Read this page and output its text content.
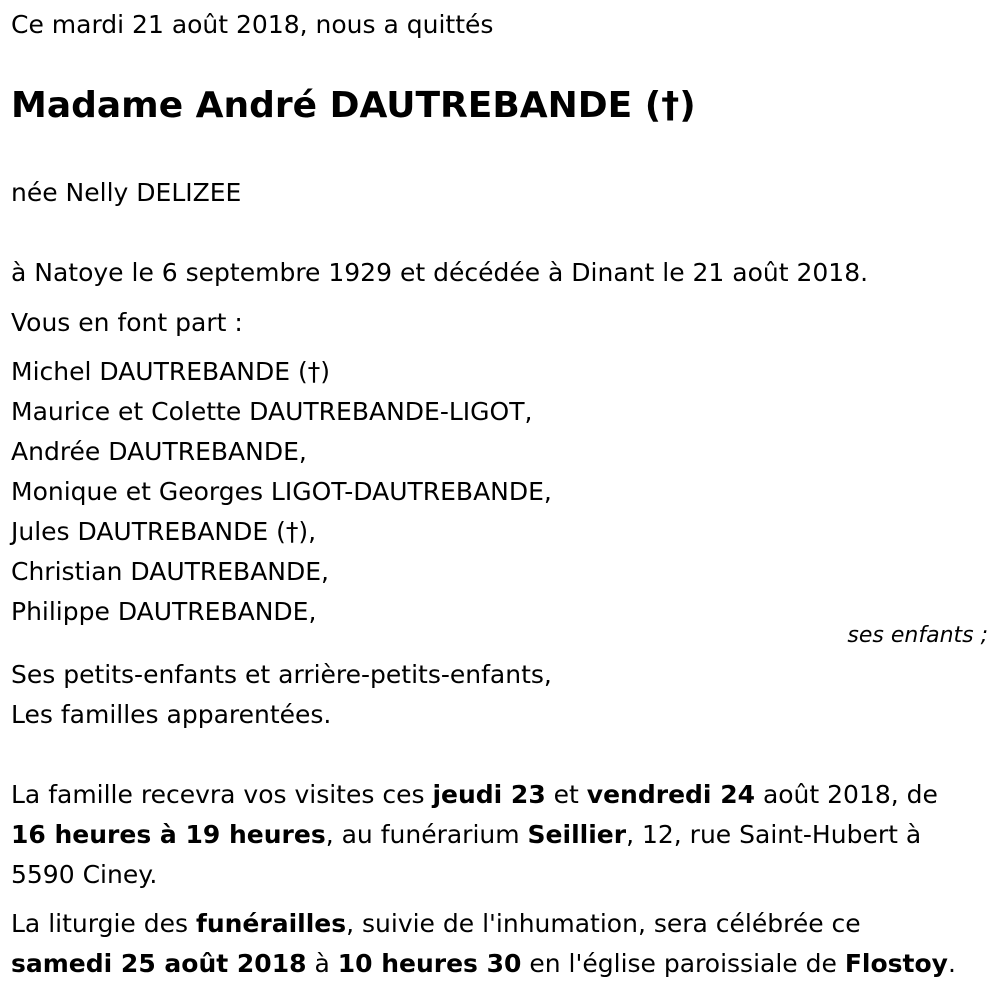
Ce mardi 21 août 2018, nous a quittés
Madame André DAUTREBANDE (†)
née Nelly DELIZEE
à Natoye le 6 septembre 1929 et décédée à Dinant le 21 août 2018.
Vous en font part :
Michel DAUTREBANDE (†)
Maurice et Colette DAUTREBANDE-LIGOT,
Andrée DAUTREBANDE,
Monique et Georges LIGOT-DAUTREBANDE,
Jules DAUTREBANDE (†),
Christian DAUTREBANDE,
Philippe DAUTREBANDE,
ses enfants ;
Ses petits-enfants et arrière-petits-enfants,
Les familles apparentées.
La famille recevra vos visites ces jeudi 23 et vendredi 24 août 2018, de
16 heures à 19 heures, au funérarium Seillier, 12, rue Saint-Hubert à
5590 Ciney.
La liturgie des funérailles, suivie de l'inhumation, sera célébrée ce
samedi 25 août 2018 à 10 heures 30 en l'église paroissiale de Flostoy.
